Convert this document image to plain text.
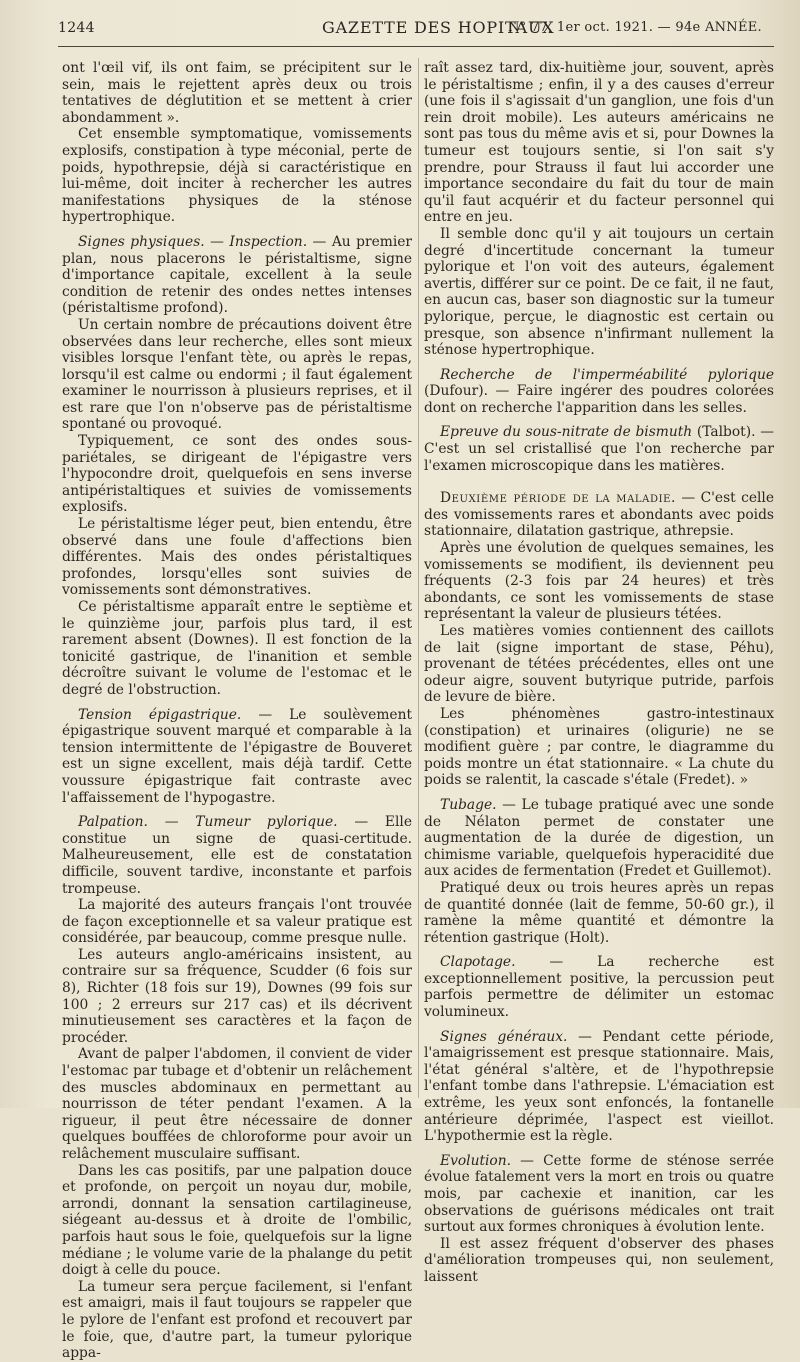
1244	GAZETTE DES HOPITAUX
N° 77, 1er oct. 1921. — 94e ANNÉE.

ont l'œil vif, ils ont faim, se précipitent sur le sein, mais le rejettent après deux ou trois tentatives de déglutition et se mettent à crier abondamment ».

Cet ensemble symptomatique, vomissements explosifs, constipation à type méconial, perte de poids, hypothrepsie, déjà si caractéristique en lui-même, doit inciter à rechercher les autres manifestations physiques de la sténose hypertrophique.

Signes physiques. — Inspection. — Au premier plan, nous placerons le péristaltisme, signe d'importance capitale, excellent à la seule condition de retenir des ondes nettes intenses (péristaltisme profond).

Un certain nombre de précautions doivent être observées dans leur recherche, elles sont mieux visibles lorsque l'enfant tète, ou après le repas, lorsqu'il est calme ou endormi ; il faut également examiner le nourrisson à plusieurs reprises, et il est rare que l'on n'observe pas de péristaltisme spontané ou provoqué.

Typiquement, ce sont des ondes sous-pariétales, se dirigeant de l'épigastre vers l'hypocondre droit, quelquefois en sens inverse antipéristaltiques et suivies de vomissements explosifs.

Le péristaltisme léger peut, bien entendu, être observé dans une foule d'affections bien différentes. Mais des ondes péristaltiques profondes, lorsqu'elles sont suivies de vomissements sont démonstratives.

Ce péristaltisme apparaît entre le septième et le quinzième jour, parfois plus tard, il est rarement absent (Downes). Il est fonction de la tonicité gastrique, de l'inanition et semble décroître suivant le volume de l'estomac et le degré de l'obstruction.

Tension épigastrique. — Le soulèvement épigastrique souvent marqué et comparable à la tension intermittente de l'épigastre de Bouveret est un signe excellent, mais déjà tardif. Cette voussure épigastrique fait contraste avec l'affaissement de l'hypogastre.

Palpation. — Tumeur pylorique. — Elle constitue un signe de quasi-certitude. Malheureusement, elle est de constatation difficile, souvent tardive, inconstante et parfois trompeuse.

La majorité des auteurs français l'ont trouvée de façon exceptionnelle et sa valeur pratique est considérée, par beaucoup, comme presque nulle.

Les auteurs anglo-américains insistent, au contraire sur sa fréquence, Scudder (6 fois sur 8), Richter (18 fois sur 19), Downes (99 fois sur 100 ; 2 erreurs sur 217 cas) et ils décrivent minutieusement ses caractères et la façon de procéder.

Avant de palper l'abdomen, il convient de vider l'estomac par tubage et d'obtenir un relâchement des muscles abdominaux en permettant au nourrisson de téter pendant l'examen. A la rigueur, il peut être nécessaire de donner quelques bouffées de chloroforme pour avoir un relâchement musculaire suffisant.

Dans les cas positifs, par une palpation douce et profonde, on perçoit un noyau dur, mobile, arrondi, donnant la sensation cartilagineuse, siégeant au-dessus et à droite de l'ombilic, parfois haut sous le foie, quelquefois sur la ligne médiane ; le volume varie de la phalange du petit doigt à celle du pouce.

La tumeur sera perçue facilement, si l'enfant est amaigri, mais il faut toujours se rappeler que le pylore de l'enfant est profond et recouvert par le foie, que, d'autre part, la tumeur pylorique appa-

raît assez tard, dix-huitième jour, souvent, après le péristaltisme ; enfin, il y a des causes d'erreur (une fois il s'agissait d'un ganglion, une fois d'un rein droit mobile). Les auteurs américains ne sont pas tous du même avis et si, pour Downes la tumeur est toujours sentie, si l'on sait s'y prendre, pour Strauss il faut lui accorder une importance secondaire du fait du tour de main qu'il faut acquérir et du facteur personnel qui entre en jeu.

Il semble donc qu'il y ait toujours un certain degré d'incertitude concernant la tumeur pylorique et l'on voit des auteurs, également avertis, différer sur ce point. De ce fait, il ne faut, en aucun cas, baser son diagnostic sur la tumeur pylorique, perçue, le diagnostic est certain ou presque, son absence n'infirmant nullement la sténose hypertrophique.

Recherche de l'imperméabilité pylorique (Dufour). — Faire ingérer des poudres colorées dont on recherche l'apparition dans les selles.

Epreuve du sous-nitrate de bismuth (Talbot). — C'est un sel cristallisé que l'on recherche par l'examen microscopique dans les matières.

Deuxième période de la maladie. — C'est celle des vomissements rares et abondants avec poids stationnaire, dilatation gastrique, athrepsie.

Après une évolution de quelques semaines, les vomissements se modifient, ils deviennent peu fréquents (2-3 fois par 24 heures) et très abondants, ce sont les vomissements de stase représentant la valeur de plusieurs tétées.

Les matières vomies contiennent des caillots de lait (signe important de stase, Péhu), provenant de tétées précédentes, elles ont une odeur aigre, souvent butyrique putride, parfois de levure de bière.

Les phénomènes gastro-intestinaux (constipation) et urinaires (oligurie) ne se modifient guère ; par contre, le diagramme du poids montre un état stationnaire. « La chute du poids se ralentit, la cascade s'étale (Fredet). »

Tubage. — Le tubage pratiqué avec une sonde de Nélaton permet de constater une augmentation de la durée de digestion, un chimisme variable, quelquefois hyperacidité due aux acides de fermentation (Fredet et Guillemot).

Pratiqué deux ou trois heures après un repas de quantité donnée (lait de femme, 50-60 gr.), il ramène la même quantité et démontre la rétention gastrique (Holt).

Clapotage. — La recherche est exceptionnellement positive, la percussion peut parfois permettre de délimiter un estomac volumineux.

Signes généraux. — Pendant cette période, l'amaigrissement est presque stationnaire. Mais, l'état général s'altère, et de l'hypothrepsie l'enfant tombe dans l'athrepsie. L'émaciation est extrême, les yeux sont enfoncés, la fontanelle antérieure déprimée, l'aspect est vieillot. L'hypothermie est la règle.

Evolution. — Cette forme de sténose serrée évolue fatalement vers la mort en trois ou quatre mois, par cachexie et inanition, car les observations de guérisons médicales ont trait surtout aux formes chroniques à évolution lente.

Il est assez fréquent d'observer des phases d'amélioration trompeuses qui, non seulement, laissent
